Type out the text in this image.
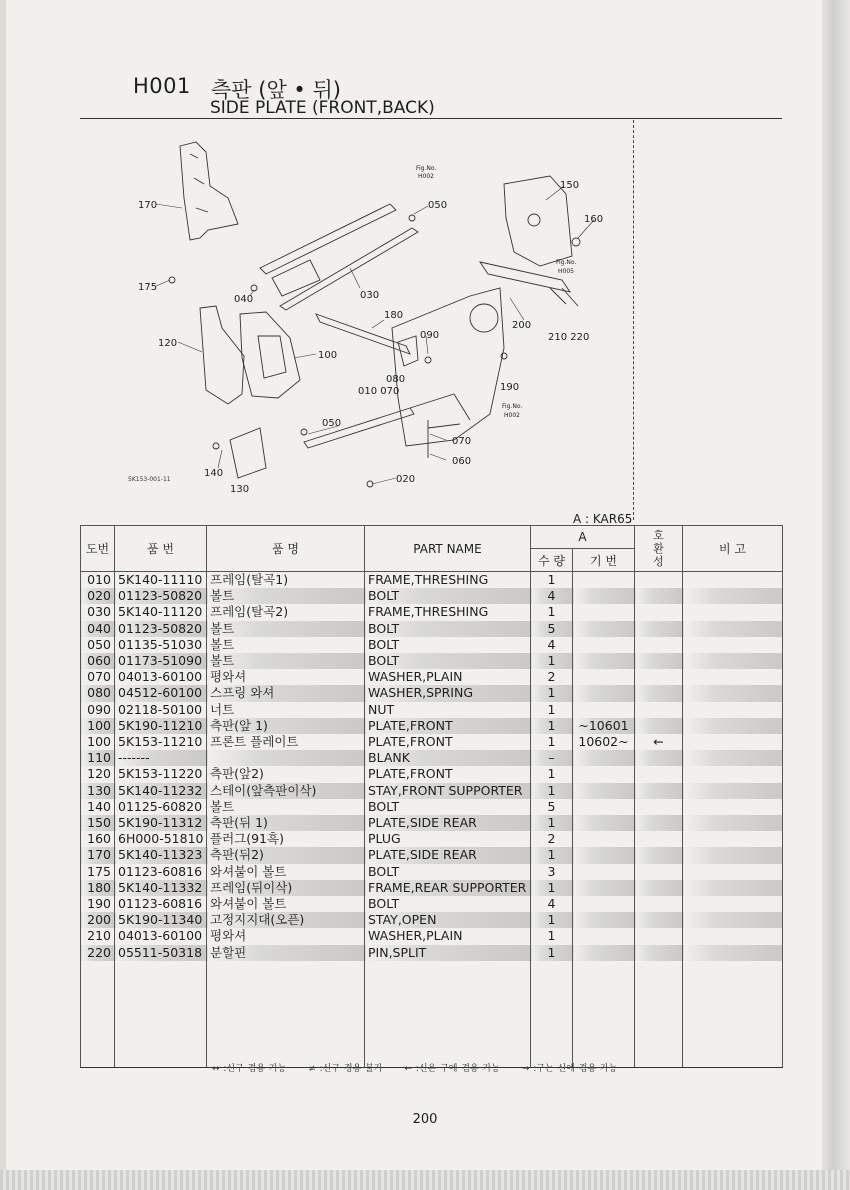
H001 측판 (앞 • 뒤)
SIDE PLATE (FRONT,BACK)
170
175
040	030
050
150
160
120
100
180
090
200
210 220
080
010 070	190
050
070
060
020
140
130
Fig.No.
H002
Fig.No.
H005
Fig.No.
H002
5K153-001-11
A : KAR65
도번	품 번	품 명	PART NAME	A		호
환
성	비 고
				수 량	기 번		
010	5K140-11110	프레임(탈곡1)	FRAME,THRESHING	1			
020	01123-50820	볼트	BOLT	4			
030	5K140-11120	프레임(탈곡2)	FRAME,THRESHING	1			
040	01123-50820	볼트	BOLT	5			
050	01135-51030	볼트	BOLT	4			
060	01173-51090	볼트	BOLT	1			
070	04013-60100	평와셔	WASHER,PLAIN	2			
080	04512-60100	스프링 와셔	WASHER,SPRING	1			
090	02118-50100	너트	NUT	1			
100	5K190-11210	측판(앞 1)	PLATE,FRONT	1	~10601		
100	5K153-11210	프론트 플레이트	PLATE,FRONT	1	10602~	←	
110	-------		BLANK	–			
120	5K153-11220	측판(앞2)	PLATE,FRONT	1			
130	5K140-11232	스테이(앞측판이삭)	STAY,FRONT SUPPORTER	1			
140	01125-60820	볼트	BOLT	5			
150	5K190-11312	측판(뒤 1)	PLATE,SIDE REAR	1			
160	6H000-51810	플러그(91흑)	PLUG	2			
170	5K140-11323	측판(뒤2)	PLATE,SIDE REAR	1			
175	01123-60816	와셔붙이 볼트	BOLT	3			
180	5K140-11332	프레임(뒤이삭)	FRAME,REAR SUPPORTER	1			
190	01123-60816	와셔붙이 볼트	BOLT	4			
200	5K190-11340	고정지지대(오픈)	STAY,OPEN	1			
210	04013-60100	평와셔	WASHER,PLAIN	1			
220	05511-50318	분할핀	PIN,SPLIT	1			

↔ :신구 겸용 가능 ≠ :신구 경용 불가 ← :신은 구에 겸용 가능 → :구는 신에 겸용 가능
200
